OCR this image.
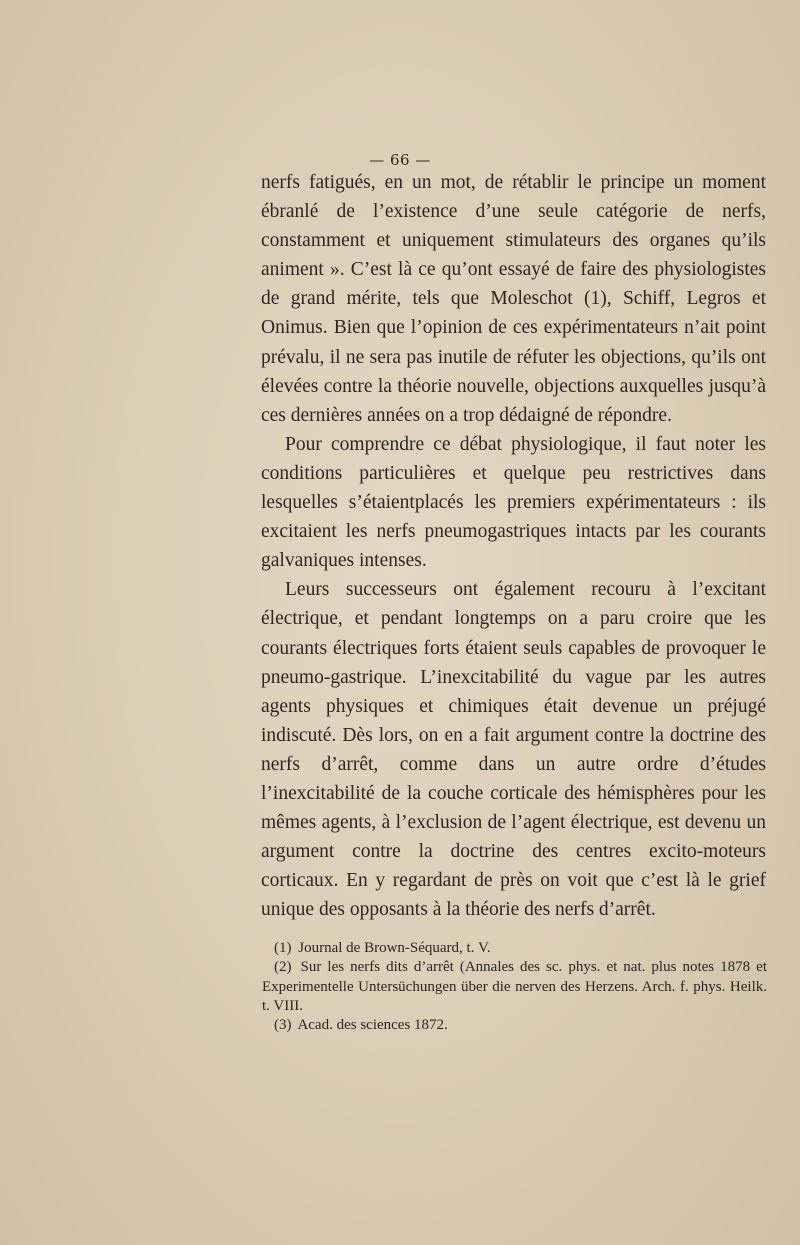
— 66 —

nerfs fatigués, en un mot, de rétablir le principe un moment ébranlé de l’existence d’une seule catégorie de nerfs, constamment et uniquement stimulateurs des organes qu’ils animent ». C’est là ce qu’ont essayé de faire des physiologistes de grand mérite, tels que Moleschot (1), Schiff, Legros et Onimus. Bien que l’opinion de ces expérimentateurs n’ait point prévalu, il ne sera pas inutile de réfuter les objections, qu’ils ont élevées contre la théorie nouvelle, objections auxquelles jusqu’à ces dernières années on a trop dédaigné de répondre.

Pour comprendre ce débat physiologique, il faut noter les conditions particulières et quelque peu restrictives dans lesquelles s’étaientplacés les premiers expérimentateurs : ils excitaient les nerfs pneumogastriques intacts par les courants galvaniques intenses.

Leurs successeurs ont également recouru à l’excitant électrique, et pendant longtemps on a paru croire que les courants électriques forts étaient seuls capables de provoquer le pneumo-gastrique. L’inexcitabilité du vague par les autres agents physiques et chimiques était devenue un préjugé indiscuté. Dès lors, on en a fait argument contre la doctrine des nerfs d’arrêt, comme dans un autre ordre d’études l’inexcitabilité de la couche corticale des hémisphères pour les mêmes agents, à l’exclusion de l’agent électrique, est devenu un argument contre la doctrine des centres excito-moteurs corticaux. En y regardant de près on voit que c’est là le grief unique des opposants à la théorie des nerfs d’arrêt.

(1) Journal de Brown-Séquard, t. V.

(2) Sur les nerfs dits d’arrêt (Annales des sc. phys. et nat. plus notes 1878 et Experimentelle Untersüchungen über die nerven des Herzens. Arch. f. phys. Heilk. t. VIII.

(3) Acad. des sciences 1872.
